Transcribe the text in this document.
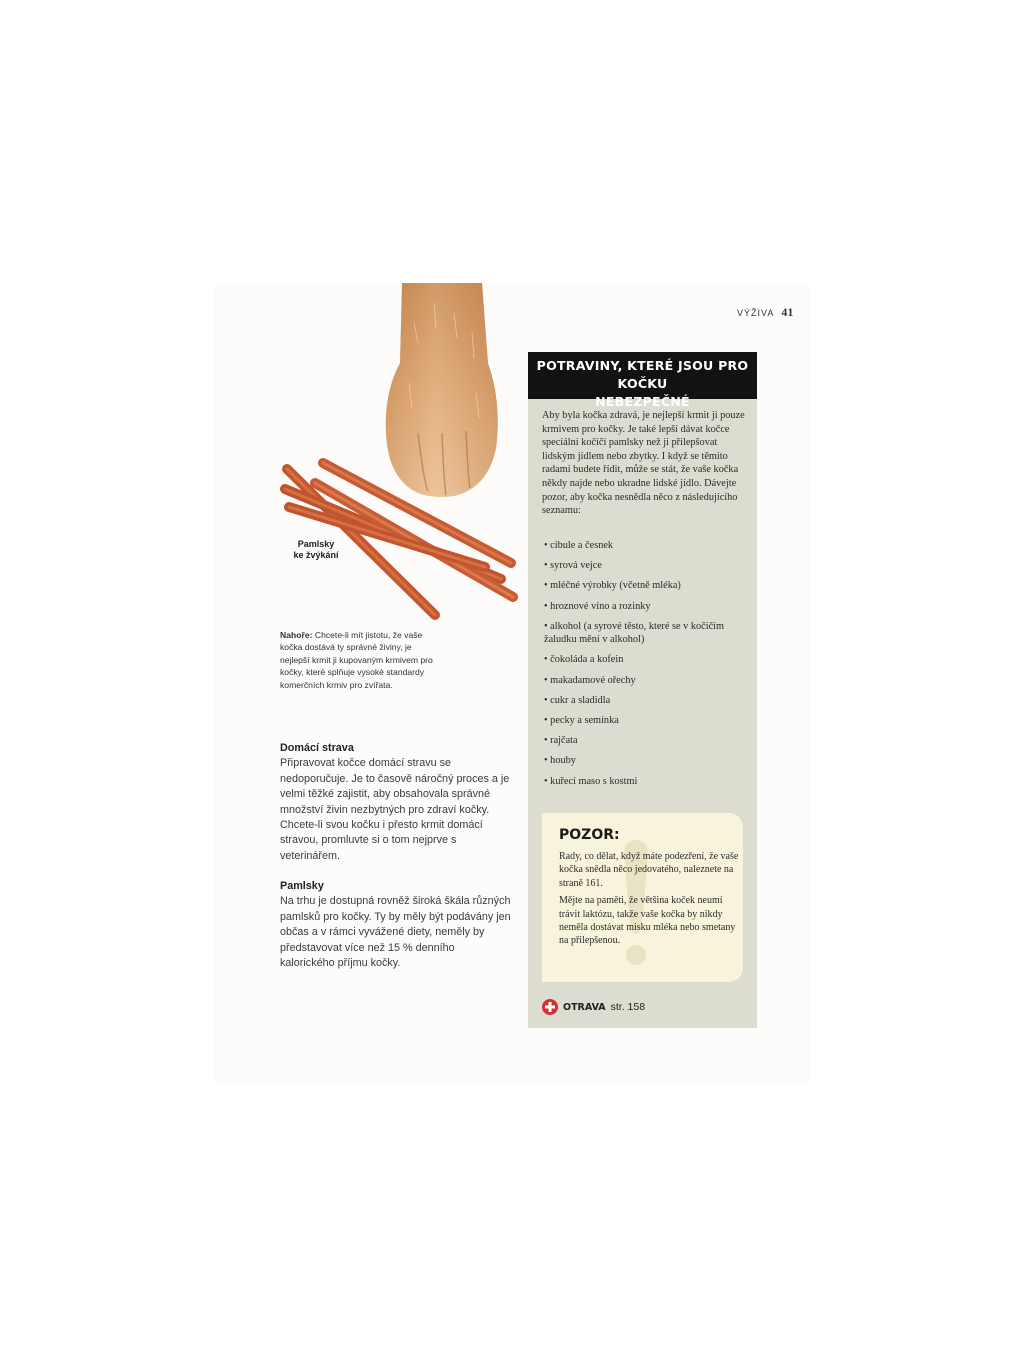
VÝŽIVA 41
Pamlsky
ke žvýkání
Nahoře: Chcete-li mít jistotu, že vaše kočka dostává ty správné živiny, je nejlepší krmit ji kupovaným krmivem pro kočky, které splňuje vysoké standardy komerčních krmiv pro zvířata.
Domácí strava

Připravovat kočce domácí stravu se nedoporučuje. Je to časově náročný proces a je velmi těžké zajistit, aby obsahovala správné množství živin nezbytných pro zdraví kočky. Chcete-li svou kočku i přesto krmit domácí stravou, promluvte si o tom nejprve s veterinářem.

Pamlsky

Na trhu je dostupná rovněž široká škála různých pamlsků pro kočky. Ty by měly být podávány jen občas a v rámci vyvážené diety, neměly by představovat více než 15 % denního kalorického příjmu kočky.

POTRAVINY, KTERÉ JSOU PRO KOČKU
NEBEZPEČNÉ
Aby byla kočka zdravá, je nejlepší krmit ji pouze krmivem pro kočky. Je také lepší dávat kočce speciální kočičí pamlsky než ji přilepšovat lidským jídlem nebo zbytky. I když se těmito radami budete řídit, může se stát, že vaše kočka někdy najde nebo ukradne lidské jídlo. Dávejte pozor, aby kočka nesnědla něco z následujícího seznamu:
• cibule a česnek
• syrová vejce
• mléčné výrobky (včetně mléka)
• hroznové víno a rozinky
• alkohol (a syrové těsto, které se v kočičím žaludku mění v alkohol)
• čokoláda a kofein
• makadamové ořechy
• cukr a sladidla
• pecky a semínka
• rajčata
• houby
• kuřecí maso s kostmi
POZOR:

Rady, co dělat, když máte podezření, že vaše kočka snědla něco jedovatého, naleznete na straně 161.

Mějte na paměti, že většina koček neumí trávit laktózu, takže vaše kočka by nikdy neměla dostávat misku mléka nebo smetany na přilepšenou.

OTRAVA str. 158
